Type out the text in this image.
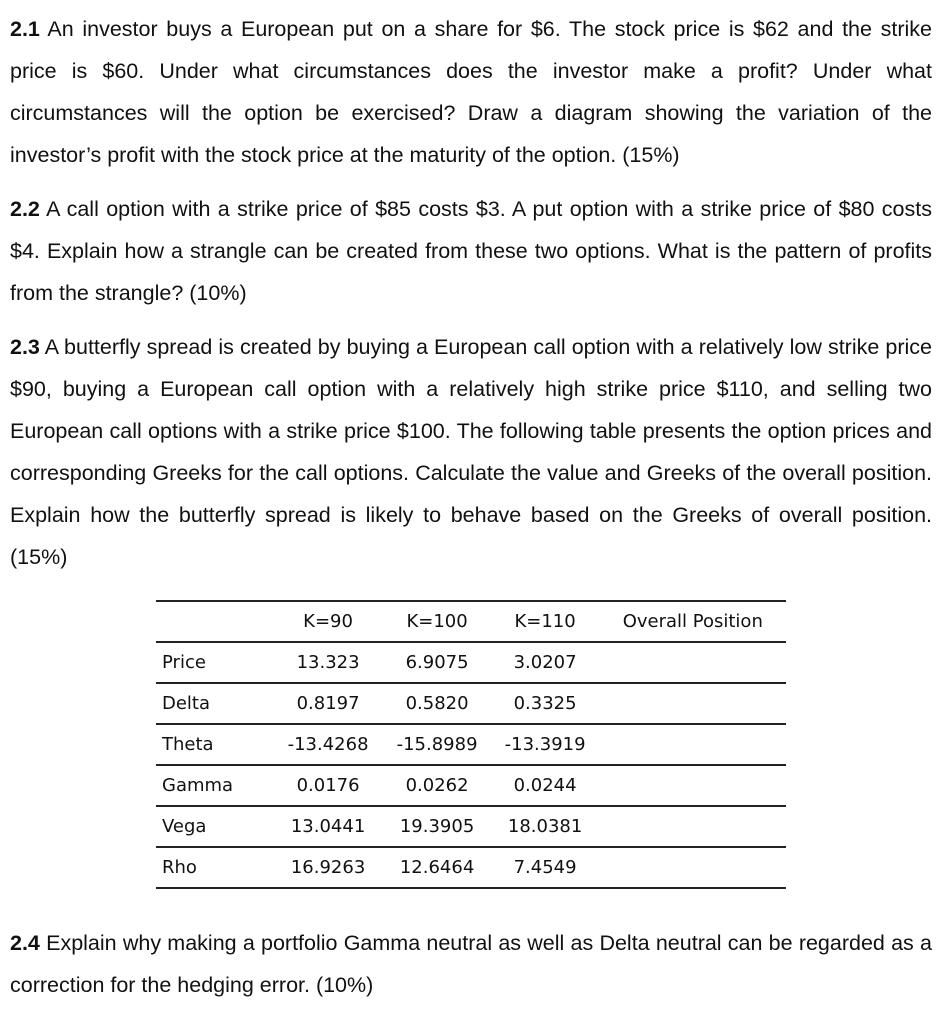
2.1 An investor buys a European put on a share for $6. The stock price is $62 and the strike price is $60. Under what circumstances does the investor make a profit? Under what circumstances will the option be exercised? Draw a diagram showing the variation of the investor’s profit with the stock price at the maturity of the option. (15%)

2.2 A call option with a strike price of $85 costs $3. A put option with a strike price of $80 costs $4. Explain how a strangle can be created from these two options. What is the pattern of profits from the strangle? (10%)

2.3 A butterfly spread is created by buying a European call option with a relatively low strike price $90, buying a European call option with a relatively high strike price $110, and selling two European call options with a strike price $100. The following table presents the option prices and corresponding Greeks for the call options. Calculate the value and Greeks of the overall position. Explain how the butterfly spread is likely to behave based on the Greeks of overall position. (15%)

	K=90	K=100	K=110	Overall Position
Price	13.323	6.9075	3.0207	
Delta	0.8197	0.5820	0.3325	
Theta	-13.4268	-15.8989	-13.3919	
Gamma	0.0176	0.0262	0.0244	
Vega	13.0441	19.3905	18.0381	
Rho	16.9263	12.6464	7.4549	

2.4 Explain why making a portfolio Gamma neutral as well as Delta neutral can be regarded as a correction for the hedging error. (10%)
